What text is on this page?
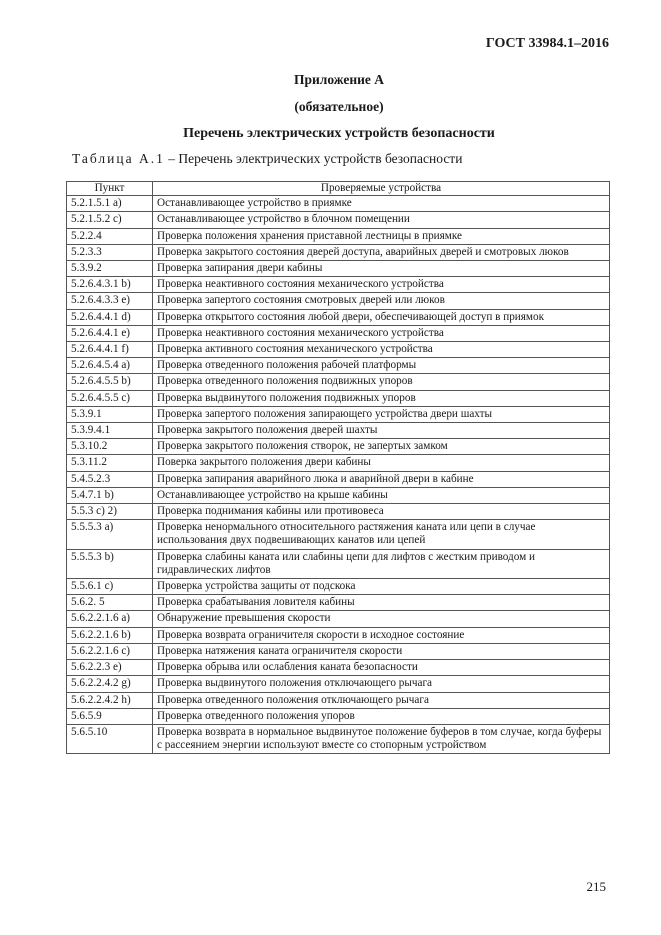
ГОСТ 33984.1–2016
Приложение А
(обязательное)
Перечень электрических устройств безопасности
Таблица А.1 – Перечень электрических устройств безопасности
Пункт	Проверяемые устройства
5.2.1.5.1 а)	Останавливающее устройство в приямке
5.2.1.5.2 с)	Останавливающее устройство в блочном помещении
5.2.2.4	Проверка положения хранения приставной лестницы в приямке
5.2.3.3	Проверка закрытого состояния дверей доступа, аварийных дверей и смотровых люков
5.3.9.2	Проверка запирания двери кабины
5.2.6.4.3.1 b)	Проверка неактивного состояния механического устройства
5.2.6.4.3.3 е)	Проверка запертого состояния смотровых дверей или люков
5.2.6.4.4.1 d)	Проверка открытого состояния любой двери, обеспечивающей доступ в приямок
5.2.6.4.4.1 е)	Проверка неактивного состояния механического устройства
5.2.6.4.4.1 f)	Проверка активного состояния механического устройства
5.2.6.4.5.4 а)	Проверка отведенного положения рабочей платформы
5.2.6.4.5.5 b)	Проверка отведенного положения подвижных упоров
5.2.6.4.5.5 с)	Проверка выдвинутого положения подвижных упоров
5.3.9.1	Проверка запертого положения запирающего устройства двери шахты
5.3.9.4.1	Проверка закрытого положения дверей шахты
5.3.10.2	Проверка закрытого положения створок, не запертых замком
5.3.11.2	Поверка закрытого положения двери кабины
5.4.5.2.3	Проверка запирания аварийного люка и аварийной двери в кабине
5.4.7.1 b)	Останавливающее устройство на крыше кабины
5.5.3 с) 2)	Проверка поднимания кабины или противовеса
5.5.5.3 а)	Проверка ненормального относительного растяжения каната или цепи в случае использования двух подвешивающих канатов или цепей
5.5.5.3 b)	Проверка слабины каната или слабины цепи для лифтов с жестким приводом и гидравлических лифтов
5.5.6.1 с)	Проверка устройства защиты от подскока
5.6.2. 5	Проверка срабатывания ловителя кабины
5.6.2.2.1.6 а)	Обнаружение превышения скорости
5.6.2.2.1.6 b)	Проверка возврата ограничителя скорости в исходное состояние
5.6.2.2.1.6 с)	Проверка натяжения каната ограничителя скорости
5.6.2.2.3 е)	Проверка обрыва или ослабления каната безопасности
5.6.2.2.4.2 g)	Проверка выдвинутого положения отключающего рычага
5.6.2.2.4.2 h)	Проверка отведенного положения отключающего рычага
5.6.5.9	Проверка отведенного положения упоров
5.6.5.10	Проверка возврата в нормальное выдвинутое положение буферов в том случае, когда буферы с рассеянием энергии используют вместе со стопорным устройством
215
